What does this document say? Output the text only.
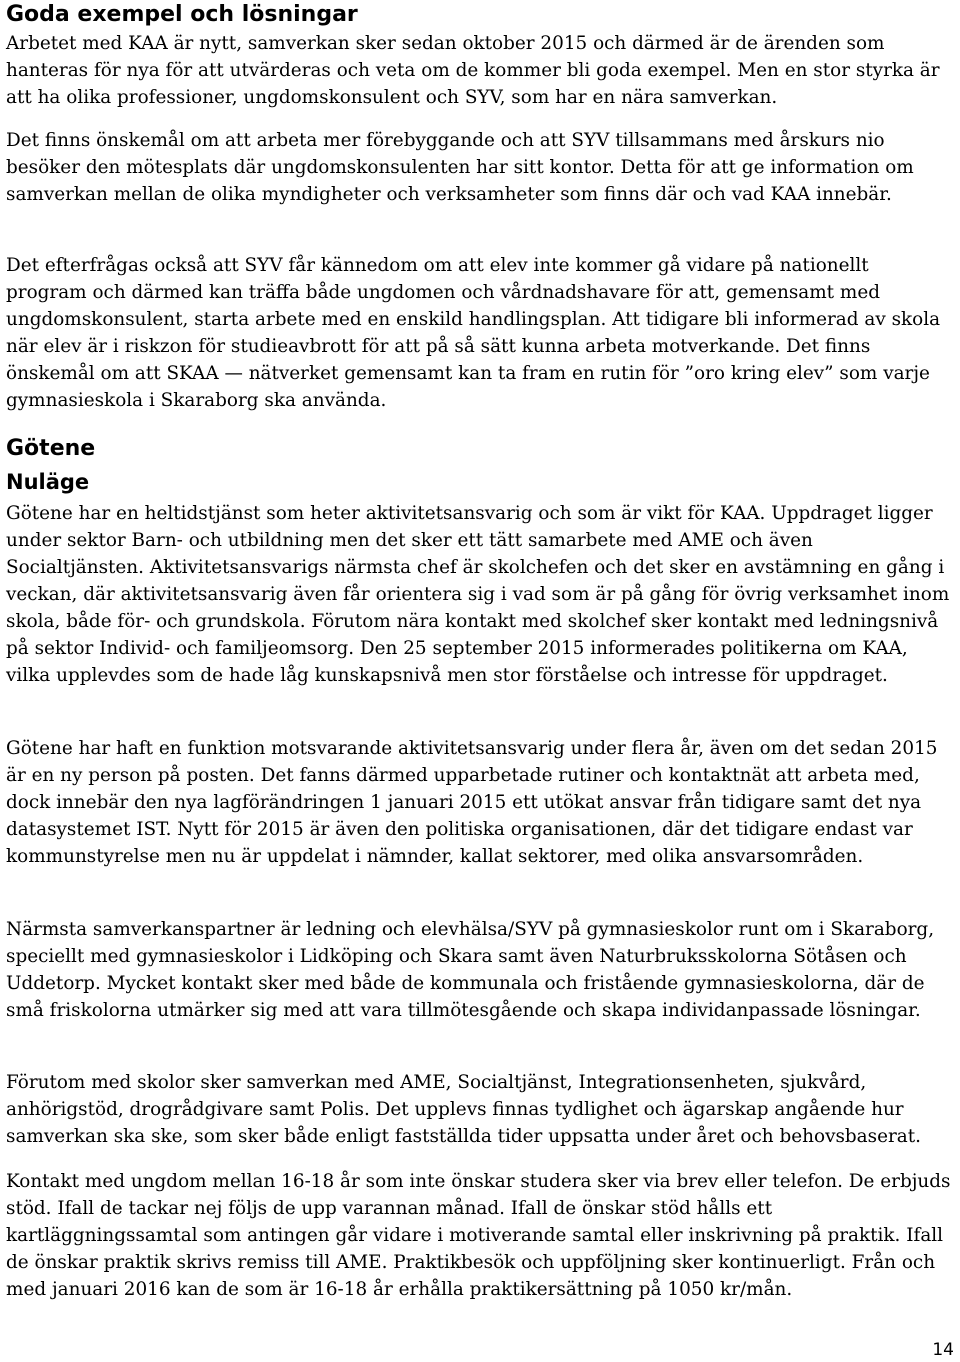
Goda exempel och lösningar

Arbetet med KAA är nytt, samverkan sker sedan oktober 2015 och därmed är de ärenden som hanteras för nya för att utvärderas och veta om de kommer bli goda exempel. Men en stor styrka är att ha olika professioner, ungdomskonsulent och SYV, som har en nära samverkan.

Det finns önskemål om att arbeta mer förebyggande och att SYV tillsammans med årskurs nio besöker den mötesplats där ungdomskonsulenten har sitt kontor. Detta för att ge information om samverkan mellan de olika myndigheter och verksamheter som finns där och vad KAA innebär.

Det efterfrågas också att SYV får kännedom om att elev inte kommer gå vidare på nationellt program och därmed kan träffa både ungdomen och vårdnadshavare för att, gemensamt med ungdomskonsulent, starta arbete med en enskild handlingsplan. Att tidigare bli informerad av skola när elev är i riskzon för studieavbrott för att på så sätt kunna arbeta motverkande. Det finns önskemål om att SKAA — nätverket gemensamt kan ta fram en rutin för ”oro kring elev” som varje gymnasieskola i Skaraborg ska använda.

Götene
Nuläge

Götene har en heltidstjänst som heter aktivitetsansvarig och som är vikt för KAA. Uppdraget ligger under sektor Barn- och utbildning men det sker ett tätt samarbete med AME och även Socialtjänsten. Aktivitetsansvarigs närmsta chef är skolchefen och det sker en avstämning en gång i veckan, där aktivitetsansvarig även får orientera sig i vad som är på gång för övrig verksamhet inom skola, både för- och grundskola. Förutom nära kontakt med skolchef sker kontakt med ledningsnivå på sektor Individ- och familjeomsorg. Den 25 september 2015 informerades politikerna om KAA, vilka upplevdes som de hade låg kunskapsnivå men stor förståelse och intresse för uppdraget.

Götene har haft en funktion motsvarande aktivitetsansvarig under flera år, även om det sedan 2015 är en ny person på posten. Det fanns därmed upparbetade rutiner och kontaktnät att arbeta med, dock innebär den nya lagförändringen 1 januari 2015 ett utökat ansvar från tidigare samt det nya datasystemet IST. Nytt för 2015 är även den politiska organisationen, där det tidigare endast var kommunstyrelse men nu är uppdelat i nämnder, kallat sektorer, med olika ansvarsområden.

Närmsta samverkanspartner är ledning och elevhälsa/SYV på gymnasieskolor runt om i Skaraborg, speciellt med gymnasieskolor i Lidköping och Skara samt även Naturbruksskolorna Sötåsen och Uddetorp. Mycket kontakt sker med både de kommunala och fristående gymnasieskolorna, där de små friskolorna utmärker sig med att vara tillmötesgående och skapa individanpassade lösningar.

Förutom med skolor sker samverkan med AME, Socialtjänst, Integrationsenheten, sjukvård, anhörigstöd, drogrådgivare samt Polis. Det upplevs finnas tydlighet och ägarskap angående hur samverkan ska ske, som sker både enligt fastställda tider uppsatta under året och behovsbaserat.

Kontakt med ungdom mellan 16-18 år som inte önskar studera sker via brev eller telefon. De erbjuds stöd. Ifall de tackar nej följs de upp varannan månad. Ifall de önskar stöd hålls ett kartläggningssamtal som antingen går vidare i motiverande samtal eller inskrivning på praktik. Ifall de önskar praktik skrivs remiss till AME. Praktikbesök och uppföljning sker kontinuerligt. Från och med januari 2016 kan de som är 16-18 år erhålla praktikersättning på 1050 kr/mån.

14
